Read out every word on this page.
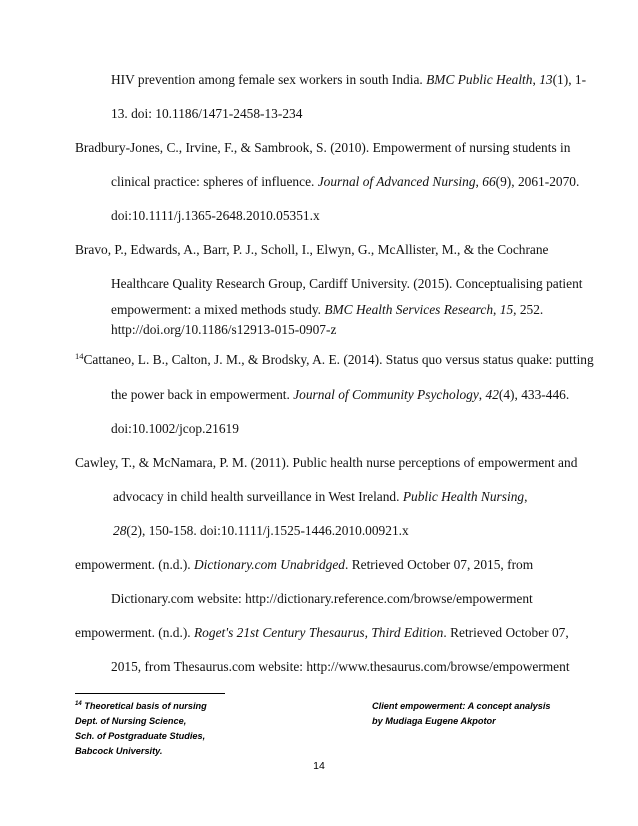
HIV prevention among female sex workers in south India. BMC Public Health, 13(1), 1-
13. doi: 10.1186/1471-2458-13-234
Bradbury-Jones, C., Irvine, F., & Sambrook, S. (2010). Empowerment of nursing students in
clinical practice: spheres of influence. Journal of Advanced Nursing, 66(9), 2061-2070.
doi:10.1111/j.1365-2648.2010.05351.x
Bravo, P., Edwards, A., Barr, P. J., Scholl, I., Elwyn, G., McAllister, M., & the Cochrane
Healthcare Quality Research Group, Cardiff University. (2015). Conceptualising patient
empowerment: a mixed methods study. BMC Health Services Research, 15, 252.
http://doi.org/10.1186/s12913-015-0907-z
$^{14}$Cattaneo, L. B., Calton, J. M., & Brodsky, A. E. (2014). Status quo versus status quake: putting
the power back in empowerment. Journal of Community Psychology, 42(4), 433-446.
doi:10.1002/jcop.21619
Cawley, T., & McNamara, P. M. (2011). Public health nurse perceptions of empowerment and
advocacy in child health surveillance in West Ireland. Public Health Nursing,
28(2), 150-158. doi:10.1111/j.1525-1446.2010.00921.x
empowerment. (n.d.). Dictionary.com Unabridged. Retrieved October 07, 2015, from
Dictionary.com website: http://dictionary.reference.com/browse/empowerment
empowerment. (n.d.). Roget's 21st Century Thesaurus, Third Edition. Retrieved October 07,
2015, from Thesaurus.com website: http://www.thesaurus.com/browse/empowerment
$^{14}$ Theoretical basis of nursing
Dept. of Nursing Science,
Sch. of Postgraduate Studies,
Babcock University.
Client empowerment: A concept analysis
by Mudiaga Eugene Akpotor
14
